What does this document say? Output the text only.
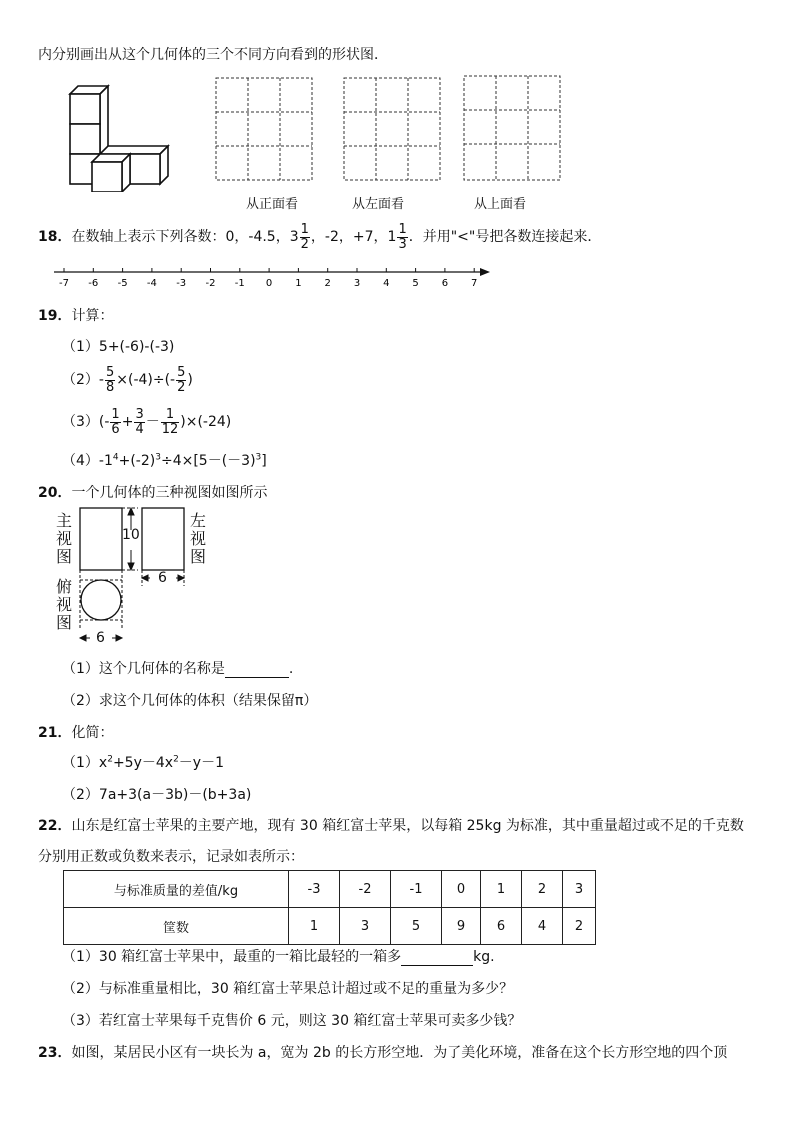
内分别画出从这个几何体的三个不同方向看到的形状图．
从正面看	从左面看	从上面看
18．在数轴上表示下列各数：0，-4.5，$3 \frac{1}{2}$ ，-2，+7，$1 \frac{1}{3}$ ．并用"<"号把各数连接起来．
-7 -6 -5 -4 -3 -2 -1 0 1 2 3 4 5 6 7
19．计算：
（1）5+(-6)-(-3)
$(2)- \frac{5}{8} \times(-4)\div(- \frac{5}{2}$ )
$(3)(- \frac{1}{6} + \frac{3}{4} - \frac{1}{12} )\times(-24)$
$(4)-1^4+(-2)^3\div 4\times[5-(-3)^3]$
20．一个几何体的三种视图如图所示
主
视
图
左
视
图
俯
视
图
10
6
6
（1）这个几何体的名称是	.
（2）求这个几何体的体积（结果保留π）
21．化简：
$(1)x^2+5y-4x^2-y-1$
（2）7a+3(a－3b)－(b+3a)
22．山东是红富士苹果的主要产地，现有 30 箱红富士苹果，以每箱 25kg 为标准，其中重量超过或不足的千克数
分别用正数或负数来表示，记录如表所示：
与标准质量的差值/kg	-3	-2	-1	0	1	2	3
筐数	1	3	5	9	6	4	2
（1）30 箱红富士苹果中，最重的一箱比最轻的一箱多	kg.
（2）与标准重量相比，30 箱红富士苹果总计超过或不足的重量为多少？
（3）若红富士苹果每千克售价 6 元，则这 30 箱红富士苹果可卖多少钱？
23．如图，某居民小区有一块长为 a，宽为 2b 的长方形空地．为了美化环境，准备在这个长方形空地的四个顶
